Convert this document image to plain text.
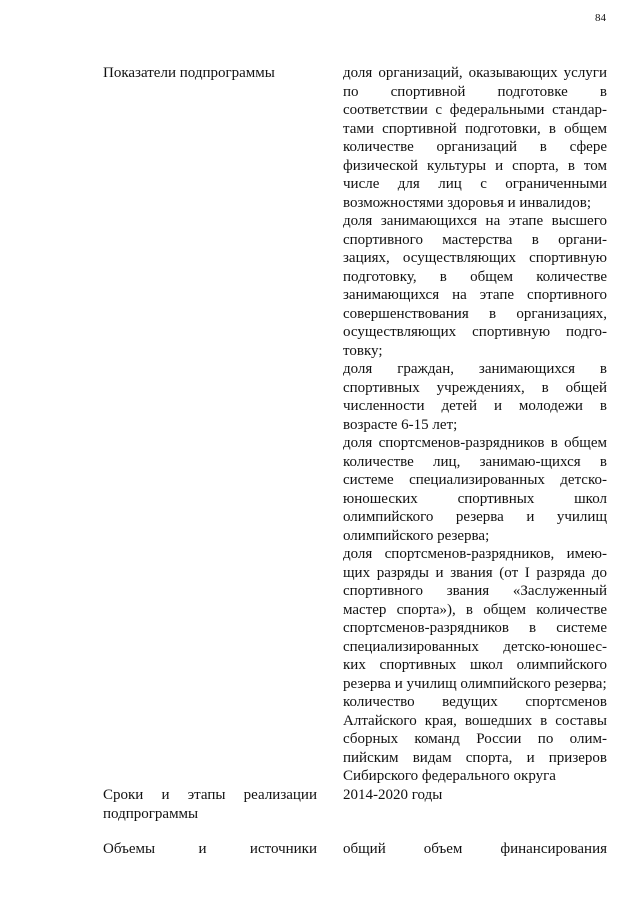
84
Показатели подпрограммы	доля организаций, оказывающих услуги по спортивной подготовке в соответствии с федеральными стандар-тами спортивной подготовки, в общем количестве организаций в сфере физической культуры и спорта, в том числе для лиц с ограниченными возможностями здоровья и инвалидов;

доля занимающихся на этапе высшего спортивного мастерства в органи-зациях, осуществляющих спортивную подготовку, в общем количестве занимающихся на этапе спортивного совершенствования в организациях, осуществляющих спортивную подго-товку;

доля граждан, занимающихся в спортивных учреждениях, в общей численности детей и молодежи в возрасте 6-15 лет;

доля спортсменов-разрядников в общем количестве лиц, занимаю-щихся в системе специализированных детско-юношеских спортивных школ олимпийского резерва и училищ олимпийского резерва;

доля спортсменов-разрядников, имею-щих разряды и звания (от I разряда до спортивного звания «Заслуженный мастер спорта»), в общем количестве спортсменов-разрядников в системе специализированных детско-юношес-ких спортивных школ олимпийского резерва и училищ олимпийского резерва;

количество ведущих спортсменов Алтайского края, вошедших в составы сборных команд России по олим-пийским видам спорта, и призеров Сибирского федерального округа

Сроки и этапы реализации подпрограммы
2014-2020 годы
Объемы и источники общий объем финансирования
